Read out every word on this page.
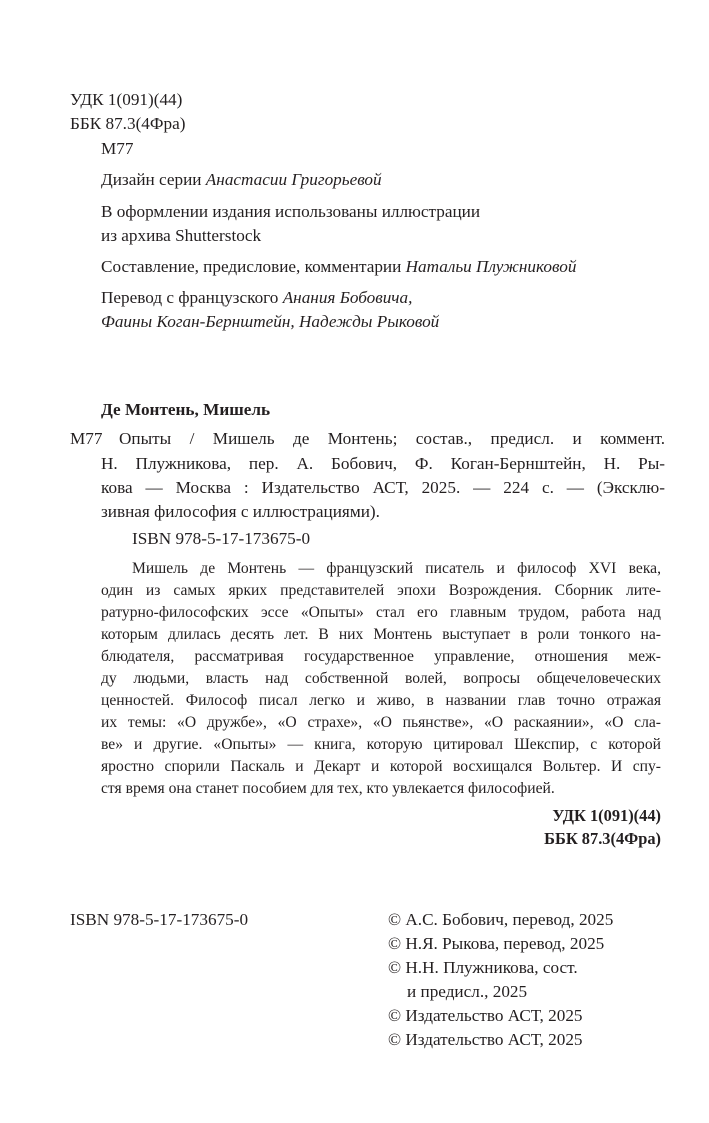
УДК 1(091)(44)
ББК 87.3(4Фра)
М77
Дизайн серии Анастасии Григорьевой
В оформлении издания использованы иллюстрации
из архива Shutterstock
Составление, предисловие, комментарии Натальи Плужниковой
Перевод с французского Анания Бобовича,
Фаины Коган-Бернштейн, Надежды Рыковой
Де Монтень, Мишель
М77 Опыты / Мишель де Монтень; состав., предисл. и коммент.
Н. Плужникова, пер. А. Бобович, Ф. Коган-Бернштейн, Н. Ры-
кова — Москва : Издательство АСТ, 2025. — 224 с. — (Эксклю-
зивная философия с иллюстрациями).
ISBN 978-5-17-173675-0
Мишель де Монтень — французский писатель и философ XVI века,
один из самых ярких представителей эпохи Возрождения. Сборник литe-
ратурно-философских эссе «Опыты» стал его главным трудом, работа над
которым длилась десять лет. В них Монтень выступает в роли тонкого на-
блюдателя, рассматривая государственное управление, отношения меж-
ду людьми, власть над собственной волей, вопросы общечеловеческих
ценностей. Философ писал легко и живо, в названии глав точно отражая
их темы: «О дружбе», «О страхе», «О пьянстве», «О раскаянии», «О сла-
ве» и другие. «Опыты» — книга, которую цитировал Шекспир, с которой
яростно спорили Паскаль и Декарт и которой восхищался Вольтер. И спу-
стя время она станет пособием для тех, кто увлекается философией.
УДК 1(091)(44)
ББК 87.3(4Фра)
ISBN 978-5-17-173675-0	© А.С. Бобович, перевод, 2025
© Н.Я. Рыкова, перевод, 2025
© Н.Н. Плужникова, сост.
и предисл., 2025
© Издательство АСТ, 2025
© Издательство АСТ, 2025
